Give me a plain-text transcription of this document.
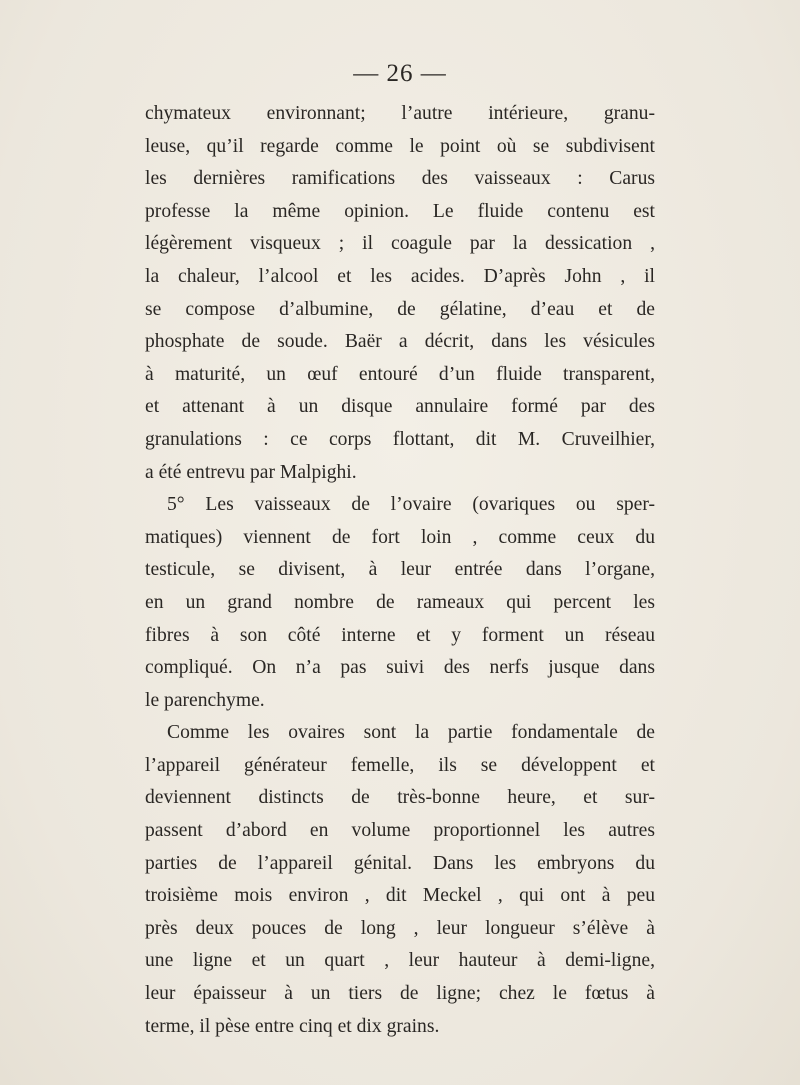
— 26 —
chymateux environnant; l’autre intérieure, granu-
leuse, qu’il regarde comme le point où se subdivisent
les dernières ramifications des vaisseaux : Carus
professe la même opinion. Le fluide contenu est
légèrement visqueux ; il coagule par la dessication ,
la chaleur, l’alcool et les acides. D’après John , il
se compose d’albumine, de gélatine, d’eau et de
phosphate de soude. Baër a décrit, dans les vésicules
à maturité, un œuf entouré d’un fluide transparent,
et attenant à un disque annulaire formé par des
granulations : ce corps flottant, dit M. Cruveilhier,
a été entrevu par Malpighi.
5° Les vaisseaux de l’ovaire (ovariques ou sper-
matiques) viennent de fort loin , comme ceux du
testicule, se divisent, à leur entrée dans l’organe,
en un grand nombre de rameaux qui percent les
fibres à son côté interne et y forment un réseau
compliqué. On n’a pas suivi des nerfs jusque dans
le parenchyme.
Comme les ovaires sont la partie fondamentale de
l’appareil générateur femelle, ils se développent et
deviennent distincts de très-bonne heure, et sur-
passent d’abord en volume proportionnel les autres
parties de l’appareil génital. Dans les embryons du
troisième mois environ , dit Meckel , qui ont à peu
près deux pouces de long , leur longueur s’élève à
une ligne et un quart , leur hauteur à demi-ligne,
leur épaisseur à un tiers de ligne; chez le fœtus à
terme, il pèse entre cinq et dix grains.
